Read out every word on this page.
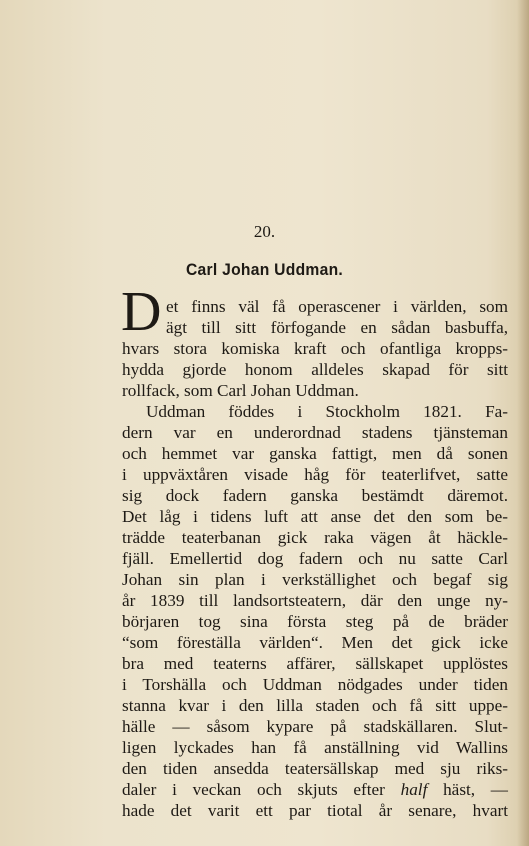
20.
Carl Johan Uddman.
D et finns väl få operascener i världen, som
ägt till sitt förfogande en sådan basbuffa,
hvars stora komiska kraft och ofantliga kropps-
hydda gjorde honom alldeles skapad för sitt
rollfack, som Carl Johan Uddman.
Uddman föddes i Stockholm 1821. Fa-
dern var en underordnad stadens tjänsteman
och hemmet var ganska fattigt, men då sonen
i uppväxtåren visade håg för teaterlifvet, satte
sig dock fadern ganska bestämdt däremot.
Det låg i tidens luft att anse det den som be-
trädde teaterbanan gick raka vägen åt häckle-
fjäll. Emellertid dog fadern och nu satte Carl
Johan sin plan i verkställighet och begaf sig
år 1839 till landsortsteatern, där den unge ny-
börjaren tog sina första steg på de bräder
“som föreställa världen“. Men det gick icke
bra med teaterns affärer, sällskapet upplöstes
i Torshälla och Uddman nödgades under tiden
stanna kvar i den lilla staden och få sitt uppe-
hälle — såsom kypare på stadskällaren. Slut-
ligen lyckades han få anställning vid Wallins
den tiden ansedda teatersällskap med sju riks-
daler i veckan och skjuts efter half häst, —
hade det varit ett par tiotal år senare, hvart
